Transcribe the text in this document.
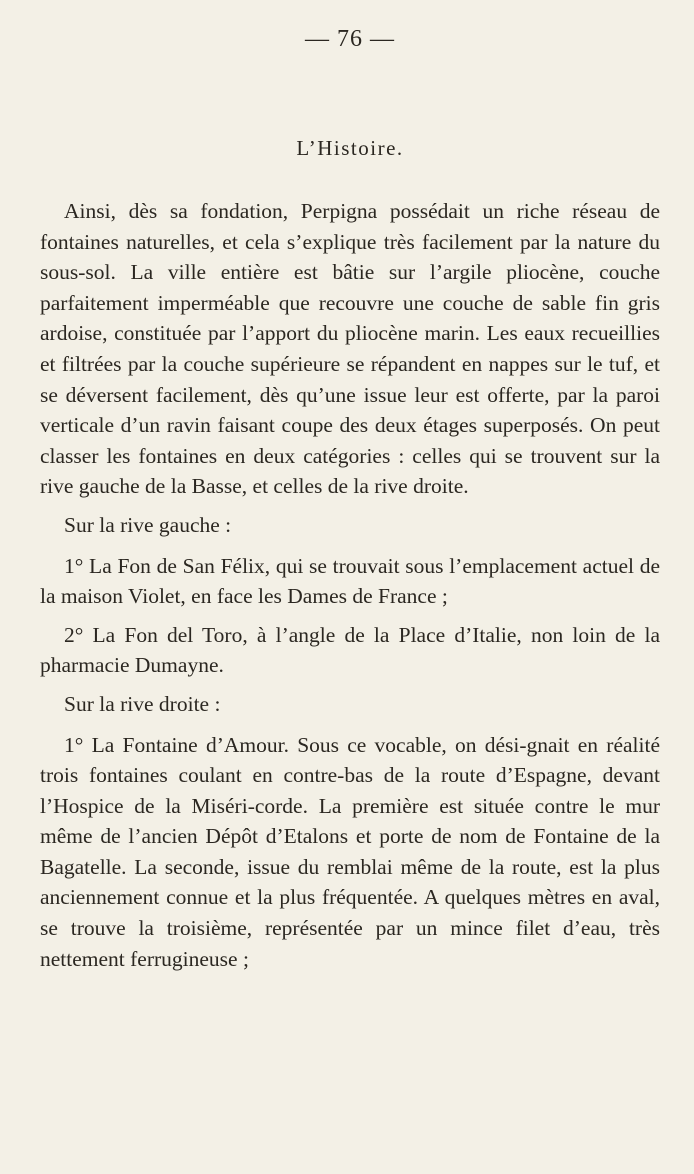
— 76 —
L’Histoire.

Ainsi, dès sa fondation, Perpigna possédait un riche réseau de fontaines naturelles, et cela s’explique très facilement par la nature du sous-sol. La ville entière est bâtie sur l’argile pliocène, couche parfaitement imperméable que recouvre une couche de sable fin gris ardoise, constituée par l’apport du pliocène marin. Les eaux recueillies et filtrées par la couche supérieure se répandent en nappes sur le tuf, et se déversent facilement, dès qu’une issue leur est offerte, par la paroi verticale d’un ravin faisant coupe des deux étages superposés. On peut classer les fontaines en deux catégories : celles qui se trouvent sur la rive gauche de la Basse, et celles de la rive droite.

Sur la rive gauche :

1° La Fon de San Félix, qui se trouvait sous l’emplacement actuel de la maison Violet, en face les Dames de France ;

2° La Fon del Toro, à l’angle de la Place d’Italie, non loin de la pharmacie Dumayne.

Sur la rive droite :

1° La Fontaine d’Amour. Sous ce vocable, on dési-gnait en réalité trois fontaines coulant en contre-bas de la route d’Espagne, devant l’Hospice de la Miséri-corde. La première est située contre le mur même de l’ancien Dépôt d’Etalons et porte de nom de Fontaine de la Bagatelle. La seconde, issue du remblai même de la route, est la plus anciennement connue et la plus fréquentée. A quelques mètres en aval, se trouve la troisième, représentée par un mince filet d’eau, très nettement ferrugineuse ;
